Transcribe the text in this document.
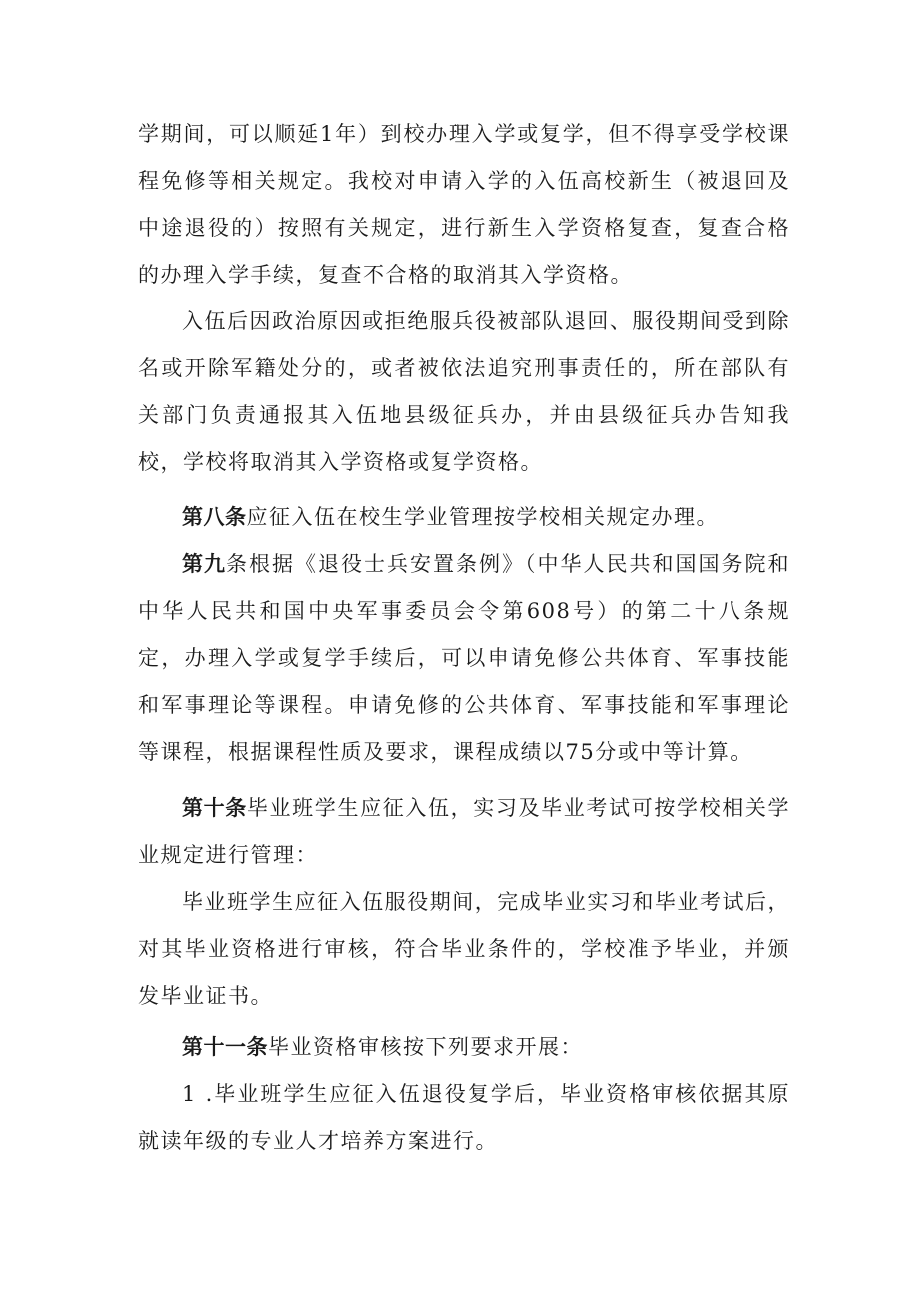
学期间，可以顺延1年）到校办理入学或复学，但不得享受学校课程免修等相关规定。我校对申请入学的入伍高校新生（被退回及中途退役的）按照有关规定，进行新生入学资格复查，复查合格的办理入学手续，复查不合格的取消其入学资格。

入伍后因政治原因或拒绝服兵役被部队退回、服役期间受到除名或开除军籍处分的，或者被依法追究刑事责任的，所在部队有关部门负责通报其入伍地县级征兵办，并由县级征兵办告知我校，学校将取消其入学资格或复学资格。

第八条应征入伍在校生学业管理按学校相关规定办理。

第九条根据《退役士兵安置条例》（中华人民共和国国务院和中华人民共和国中央军事委员会令第608号）的第二十八条规定，办理入学或复学手续后，可以申请免修公共体育、军事技能和军事理论等课程。申请免修的公共体育、军事技能和军事理论等课程，根据课程性质及要求，课程成绩以75分或中等计算。

第十条毕业班学生应征入伍，实习及毕业考试可按学校相关学业规定进行管理：

毕业班学生应征入伍服役期间，完成毕业实习和毕业考试后，对其毕业资格进行审核，符合毕业条件的，学校准予毕业，并颁发毕业证书。

第十一条毕业资格审核按下列要求开展：

1 .毕业班学生应征入伍退役复学后，毕业资格审核依据其原就读年级的专业人才培养方案进行。
